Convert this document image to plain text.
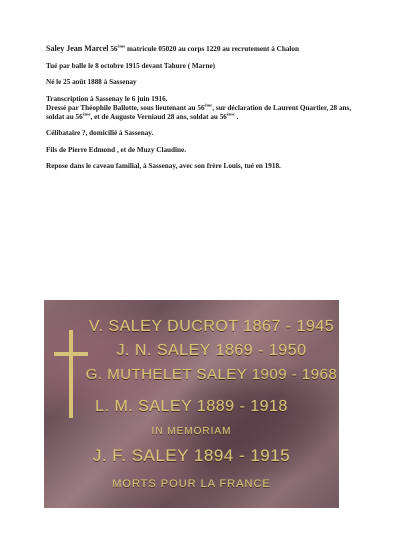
Saley Jean Marcel 56ème matricule 05020 au corps 1220 au recrutement à Chalon

Tué par balle le 8 octobre 1915 devant Tahure ( Marne)

Né le 25 août 1888 à Sassenay

Transcription à Sassenay le 6 juin 1916.
Dressé par Théophile Ballotte, sous lieutenant au 56ème, sur déclaration de Laurent Quartier, 28 ans, soldat au 56ème, et de Auguste Verniaud 28 ans, soldat au 56ème .

Célibataire ?, domicilié à Sassenay.

Fils de Pierre Edmond , et de Muzy Claudine.

Repose dans le caveau familial, à Sassenay, avec son frère Louis, tué en 1918.

V. SALEY DUCROT 1867 - 1945
J. N. SALEY 1869 - 1950
G. MUTHELET SALEY 1909 - 1968
L. M. SALEY 1889 - 1918
IN MEMORIAM
J. F. SALEY 1894 - 1915
MORTS POUR LA FRANCE
